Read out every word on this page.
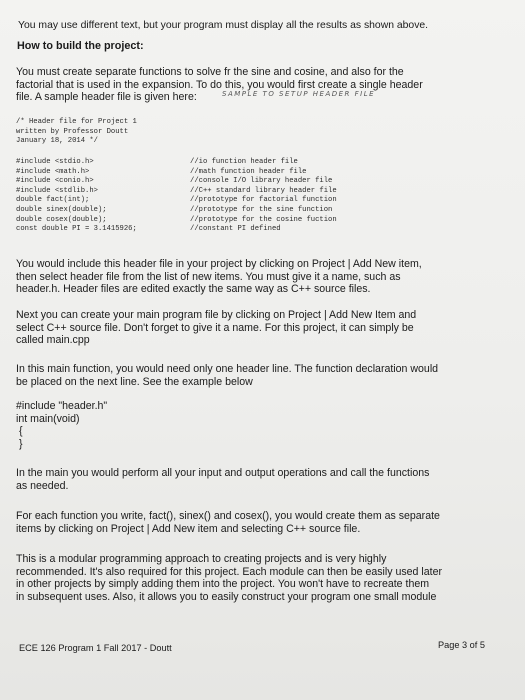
You may use different text, but your program must display all the results as shown above.
How to build the project:
You must create separate functions to solve fr the sine and cosine, and also for the
factorial that is used in the expansion. To do this, you would first create a single header
file. A sample header file is given here:	SAMPLE TO SETUP HEADER FILE
/* Header file for Project 1
written by Professor Doutt
January 18, 2014 */
#include <stdio.h>
#include <math.h>
#include <conio.h>
#include <stdlib.h>
double fact(int);
double sinex(double);
double cosex(double);
const double PI = 3.1415926;
//io function header file
//math function header file
//console I/O library header file
//C++ standard library header file
//prototype for factorial function
//prototype for the sine function
//prototype for the cosine fuction
//constant PI defined
You would include this header file in your project by clicking on Project | Add New item,
then select header file from the list of new items. You must give it a name, such as
header.h. Header files are edited exactly the same way as C++ source files.
Next you can create your main program file by clicking on Project | Add New Item and
select C++ source file. Don't forget to give it a name. For this project, it can simply be
called main.cpp
In this main function, you would need only one header line. The function declaration would
be placed on the next line. See the example below
#include "header.h"
int main(void)
{
}
In the main you would perform all your input and output operations and call the functions
as needed.
For each function you write, fact(), sinex() and cosex(), you would create them as separate
items by clicking on Project | Add New item and selecting C++ source file.
This is a modular programming approach to creating projects and is very highly
recommended. It's also required for this project. Each module can then be easily used later
in other projects by simply adding them into the project. You won't have to recreate them
in subsequent uses. Also, it allows you to easily construct your program one small module
ECE 126 Program 1 Fall 2017 - Doutt	Page 3 of 5
